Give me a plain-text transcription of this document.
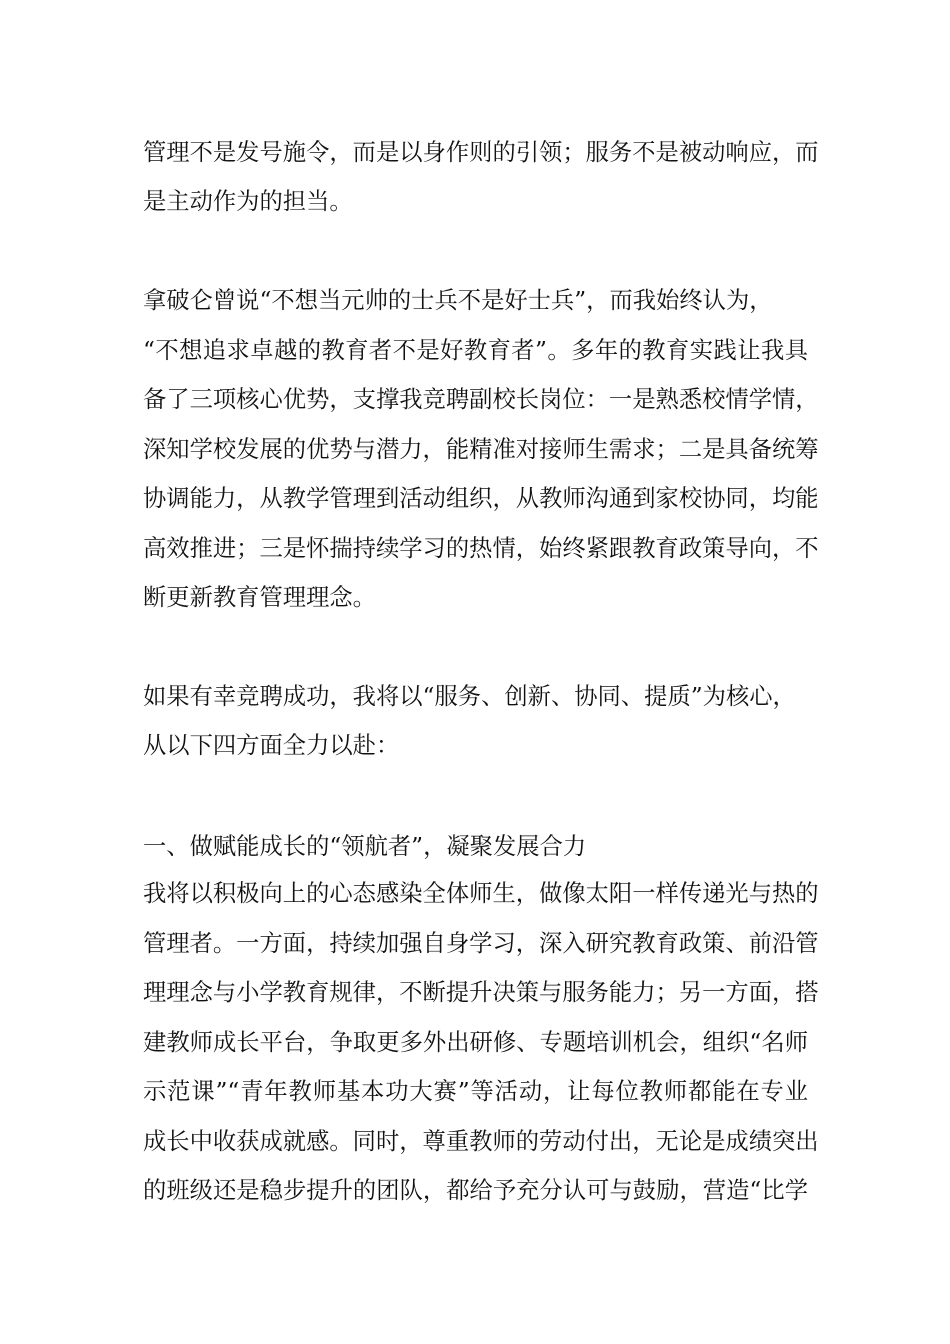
管理不是发号施令，而是以身作则的引领；服务不是被动响应，而
是主动作为的担当。
拿破仑曾说“不想当元帅的士兵不是好士兵”，而我始终认为，
“不想追求卓越的教育者不是好教育者”。多年的教育实践让我具
备了三项核心优势，支撑我竞聘副校长岗位：一是熟悉校情学情，
深知学校发展的优势与潜力，能精准对接师生需求；二是具备统筹
协调能力，从教学管理到活动组织，从教师沟通到家校协同，均能
高效推进；三是怀揣持续学习的热情，始终紧跟教育政策导向，不
断更新教育管理理念。
如果有幸竞聘成功，我将以“服务、创新、协同、提质”为核心，
从以下四方面全力以赴：
一、做赋能成长的“领航者”，凝聚发展合力
我将以积极向上的心态感染全体师生，做像太阳一样传递光与热的
管理者。一方面，持续加强自身学习，深入研究教育政策、前沿管
理理念与小学教育规律，不断提升决策与服务能力；另一方面，搭
建教师成长平台，争取更多外出研修、专题培训机会，组织“名师
示范课”“青年教师基本功大赛”等活动，让每位教师都能在专业
成长中收获成就感。同时，尊重教师的劳动付出，无论是成绩突出
的班级还是稳步提升的团队，都给予充分认可与鼓励，营造“比学
